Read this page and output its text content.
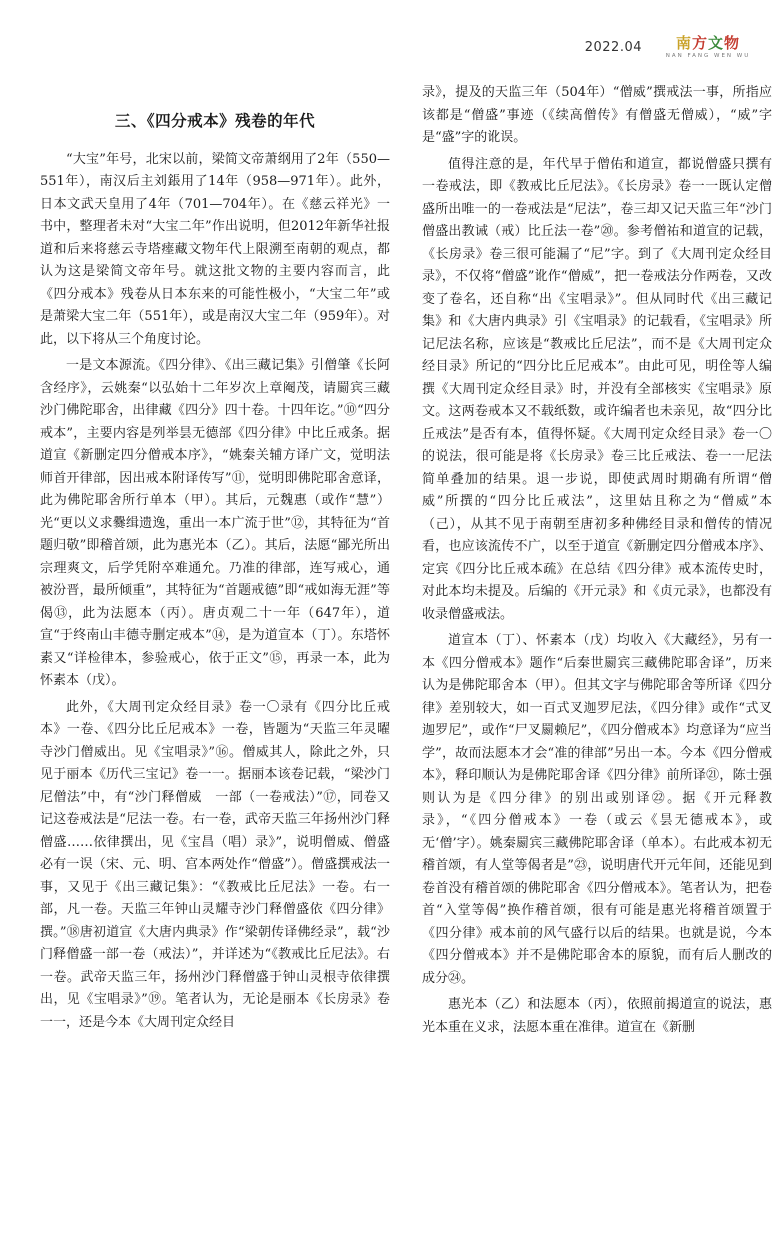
2022.04	南方文物
NAN FANG WEN WU
三、《四分戒本》残卷的年代

“大宝”年号，北宋以前，梁简文帝萧纲用了2年（550—551年），南汉后主刘鋹用了14年（958—971年）。此外，日本文武天皇用了4年（701—704年）。在《慈云祥光》一书中，整理者未对“大宝二年”作出说明，但2012年新华社报道和后来将慈云寺塔瘗藏文物年代上限溯至南朝的观点，都认为这是梁简文帝年号。就这批文物的主要内容而言，此《四分戒本》残卷从日本东来的可能性极小，“大宝二年”或是萧梁大宝二年（551年），或是南汉大宝二年（959年）。对此，以下将从三个角度讨论。

一是文本源流。《四分律》、《出三藏记集》引僧肇《长阿含经序》，云姚秦“以弘始十二年岁次上章阉茂，请罽宾三藏沙门佛陀耶舍，出律藏《四分》四十卷。十四年讫。”⑩“四分戒本”，主要内容是列举昙无德部《四分律》中比丘戒条。据道宣《新删定四分僧戒本序》，“姚秦关辅方译广文，觉明法师首开律部，因出戒本附译传写”⑪，觉明即佛陀耶舍意译，此为佛陀耶舍所行单本（甲）。其后，元魏惠（或作“慧”）光“更以义求爨缉遗逸，重出一本广流于世”⑫，其特征为“首题归敬”即稽首颂，此为惠光本（乙）。其后，法愿“鄙光所出宗理爽文，后学凭附卒难通允。乃准的律部，连写戒心，通被汾晋，最所倾重”，其特征为“首题戒德”即“戒如海无涯”等偈⑬，此为法愿本（丙）。唐贞观二十一年（647年），道宣“于终南山丰德寺删定戒本”⑭，是为道宣本（丁）。东塔怀素又“详检律本，参验戒心，依于正文”⑮，再录一本，此为怀素本（戊）。

此外，《大周刊定众经目录》卷一〇录有《四分比丘戒本》一卷、《四分比丘尼戒本》一卷，皆题为“天监三年灵曜寺沙门僧威出。见《宝唱录》”⑯。僧威其人，除此之外，只见于丽本《历代三宝记》卷一一。据丽本该卷记载，“梁沙门尼僧法”中，有“沙门释僧威　一部（一卷戒法）”⑰，同卷又记这卷戒法是“尼法一卷。右一卷，武帝天监三年扬州沙门释僧盛……依律撰出，见《宝昌（唱）录》”，说明僧威、僧盛必有一误（宋、元、明、宫本两处作“僧盛”）。僧盛撰戒法一事，又见于《出三藏记集》：“《教戒比丘尼法》一卷。右一部，凡一卷。天监三年钟山灵耀寺沙门释僧盛依《四分律》撰。”⑱唐初道宣《大唐内典录》作“梁朝传译佛经录”，载“沙门释僧盛一部一卷（戒法）”，并详述为“《教戒比丘尼法》。右一卷。武帝天监三年，扬州沙门释僧盛于钟山灵根寺依律撰出，见《宝唱录》”⑲。笔者认为，无论是丽本《长房录》卷一一，还是今本《大周刊定众经目

录》，提及的天监三年（504年）“僧威”撰戒法一事，所指应该都是“僧盛”事迹（《续高僧传》有僧盛无僧威），“威”字是“盛”字的讹误。

值得注意的是，年代早于僧佑和道宣，都说僧盛只撰有一卷戒法，即《教戒比丘尼法》。《长房录》卷一一既认定僧盛所出唯一的一卷戒法是“尼法”，卷三却又记天监三年“沙门僧盛出教诫（戒）比丘法一卷”⑳。参考僧祐和道宣的记载，《长房录》卷三很可能漏了“尼”字。到了《大周刊定众经目录》，不仅将“僧盛”讹作“僧威”，把一卷戒法分作两卷，又改变了卷名，还自称“出《宝唱录》”。但从同时代《出三藏记集》和《大唐内典录》引《宝唱录》的记载看，《宝唱录》所记尼法名称，应该是“教戒比丘尼法”，而不是《大周刊定众经目录》所记的“四分比丘尼戒本”。由此可见，明佺等人编撰《大周刊定众经目录》时，并没有全部核实《宝唱录》原文。这两卷戒本又不载纸数，或许编者也未亲见，故“四分比丘戒法”是否有本，值得怀疑。《大周刊定众经目录》卷一〇的说法，很可能是将《长房录》卷三比丘戒法、卷一一尼法简单叠加的结果。退一步说，即使武周时期确有所谓“僧威”所撰的“四分比丘戒法”，这里姑且称之为“僧威”本（己），从其不见于南朝至唐初多种佛经目录和僧传的情况看，也应该流传不广，以至于道宣《新删定四分僧戒本序》、定宾《四分比丘戒本疏》在总结《四分律》戒本流传史时，对此本均未提及。后编的《开元录》和《贞元录》，也都没有收录僧盛戒法。

道宣本（丁）、怀素本（戊）均收入《大藏经》，另有一本《四分僧戒本》题作“后秦世罽宾三藏佛陀耶舍译”，历来认为是佛陀耶舍本（甲）。但其文字与佛陀耶舍等所译《四分律》差别较大，如一百式叉迦罗尼法，《四分律》或作“式叉迦罗尼”，或作“尸叉罽赖尼”，《四分僧戒本》均意译为“应当学”，故而法愿本才会“准的律部”另出一本。今本《四分僧戒本》，释印顺认为是佛陀耶舍译《四分律》前所译㉑，陈士强则认为是《四分律》的别出或别译㉒。据《开元释教录》，“《四分僧戒本》一卷（或云《昙无德戒本》，或无‘僧’字）。姚秦罽宾三藏佛陀耶舍译（单本）。右此戒本初无稽首颂，有人堂等偈者是”㉓，说明唐代开元年间，还能见到卷首没有稽首颂的佛陀耶舍《四分僧戒本》。笔者认为，把卷首“入堂等偈”换作稽首颂，很有可能是惠光将稽首颂置于《四分律》戒本前的风气盛行以后的结果。也就是说，今本《四分僧戒本》并不是佛陀耶舍本的原貌，而有后人删改的成分㉔。

惠光本（乙）和法愿本（丙），依照前揭道宣的说法，惠光本重在义求，法愿本重在准律。道宣在《新删
